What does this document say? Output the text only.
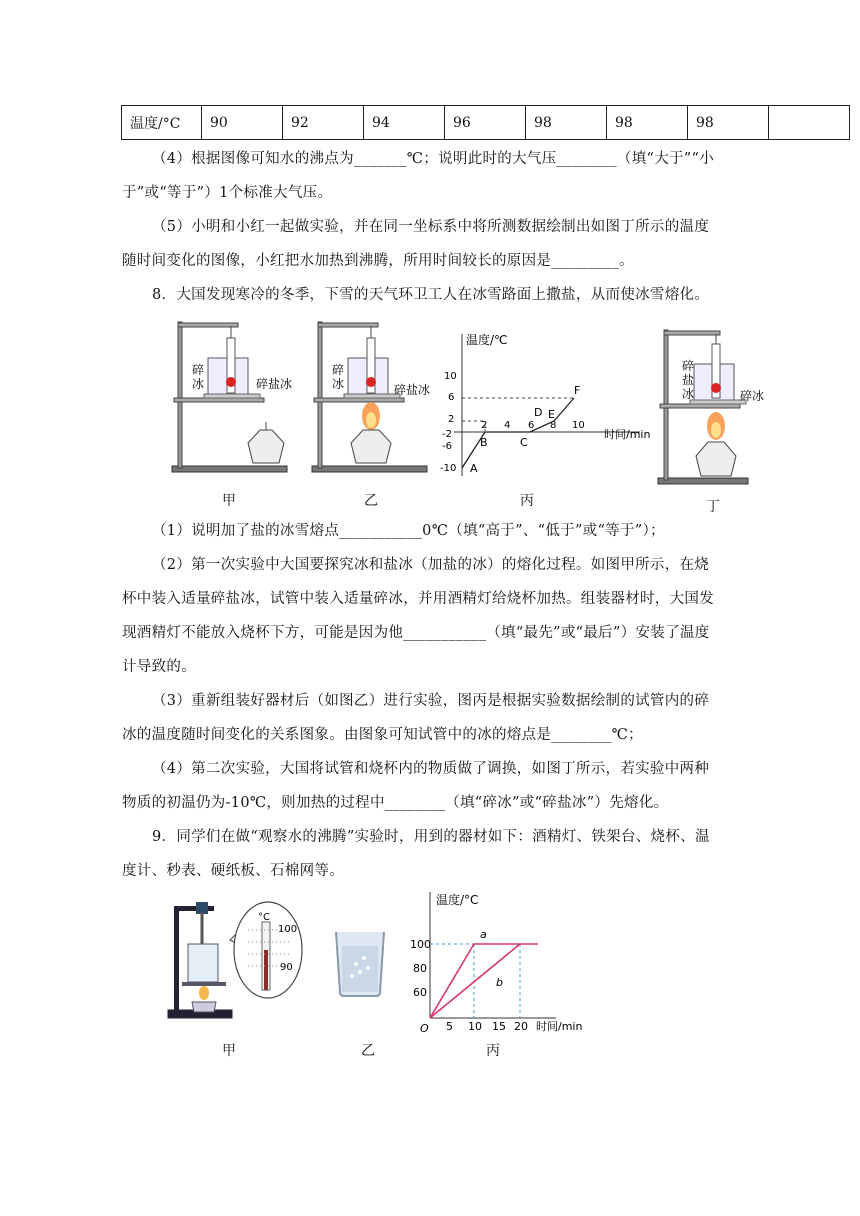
温度/°C	90	92	94	96	98	98	98	
（4）根据图像可知水的沸点为_______℃；说明此时的大气压________（填“大于”“小
于”或“等于”）1个标准大气压。
（5）小明和小红一起做实验，并在同一坐标系中将所测数据绘制出如图丁所示的温度
随时间变化的图像，小红把水加热到沸腾，所用时间较长的原因是_________。
8．大国发现寒冷的冬季，下雪的天气环卫工人在冰雪路面上撒盐，从而使冰雪熔化。
碎
冰	碎盐冰
甲
碎
冰	碎盐冰
乙
温度/℃
时间/min
10
6
2
-2
-6
-10
2 4 6 8 10
A
B	C
D E
F
丙
碎
盐
冰	碎冰
丁
（1）说明加了盐的冰雪熔点___________0℃（填“高于”、“低于”或“等于”）；
（2）第一次实验中大国要探究冰和盐冰（加盐的冰）的熔化过程。如图甲所示，在烧
杯中装入适量碎盐冰，试管中装入适量碎冰，并用酒精灯给烧杯加热。组装器材时，大国发
现酒精灯不能放入烧杯下方，可能是因为他___________（填“最先”或“最后”）安装了温度
计导致的。
（3）重新组装好器材后（如图乙）进行实验，图丙是根据实验数据绘制的试管内的碎
冰的温度随时间变化的关系图象。由图象可知试管中的冰的熔点是________℃；
（4）第二次实验，大国将试管和烧杯内的物质做了调换，如图丁所示，若实验中两种
物质的初温仍为-10℃，则加热的过程中________（填“碎冰”或“碎盐冰”）先熔化。
9．同学们在做“观察水的沸腾”实验时，用到的器材如下：酒精灯、铁架台、烧杯、温
度计、秒表、硬纸板、石棉网等。
°C
100
90
甲	乙
温度/°C
时间/min
O
100
80
60
5 10 15 20
a
b
丙
